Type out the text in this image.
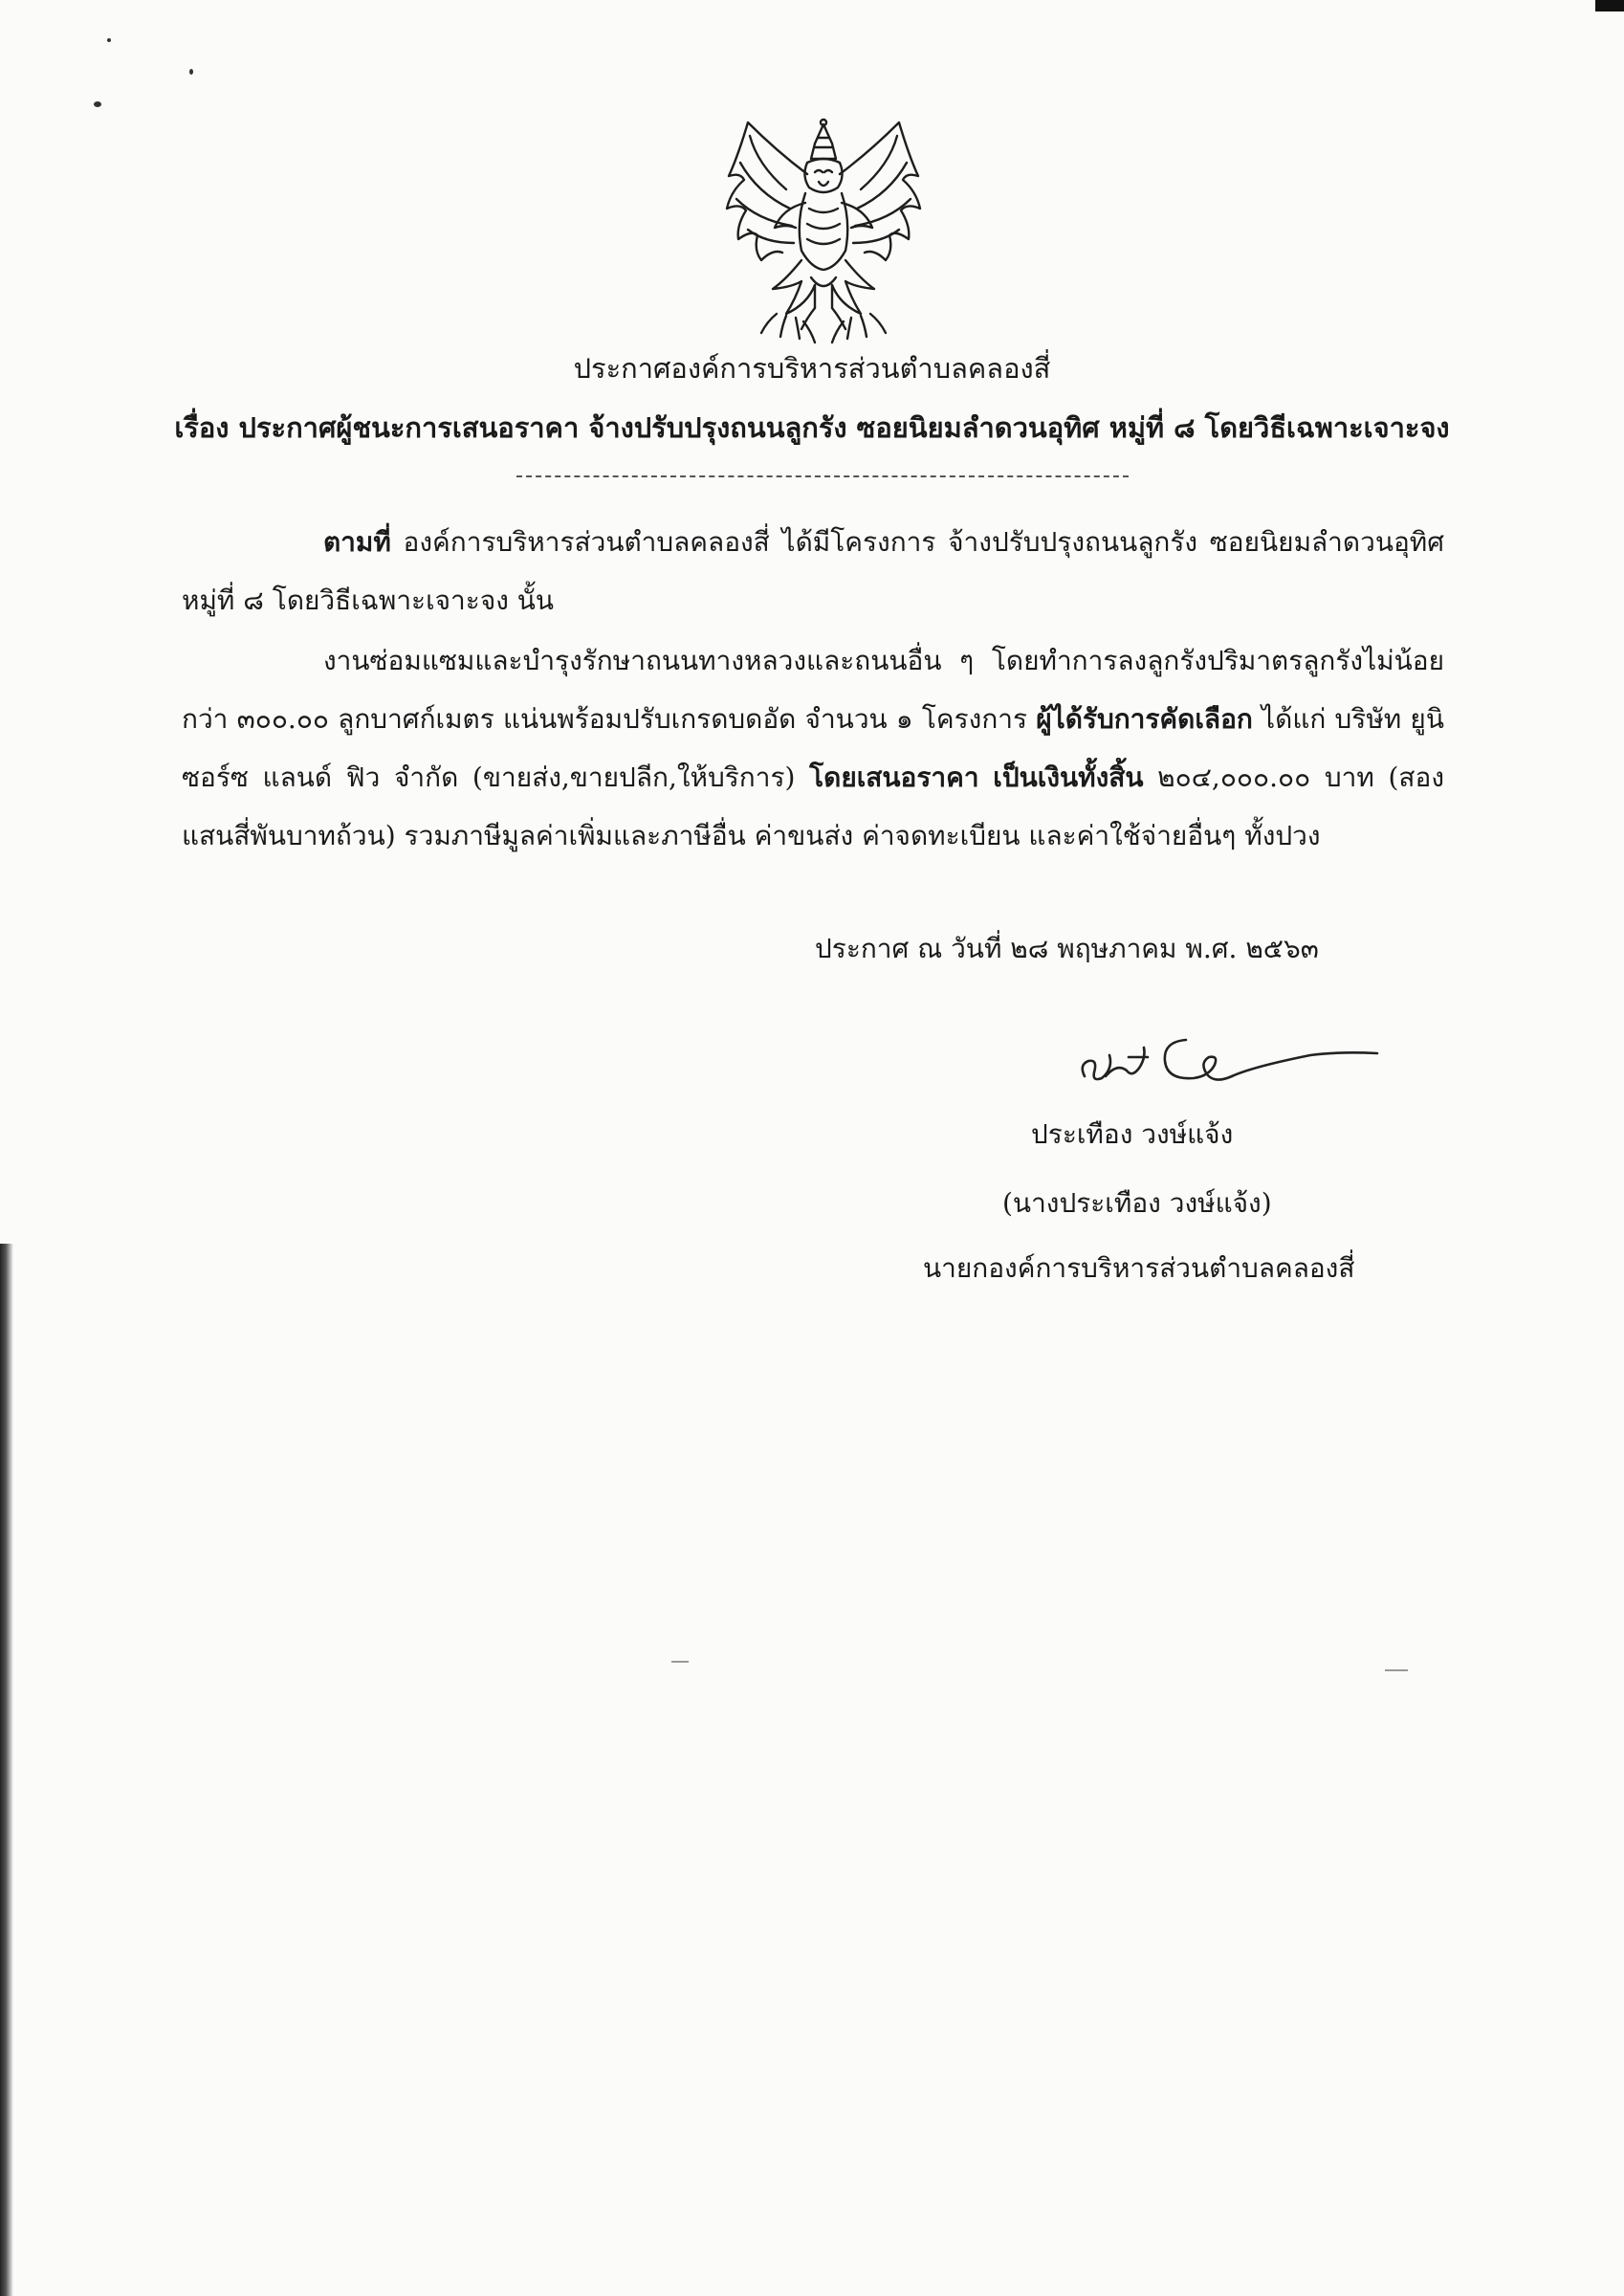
ประกาศองค์การบริหารส่วนตำบลคลองสี่
เรื่อง ประกาศผู้ชนะการเสนอราคา จ้างปรับปรุงถนนลูกรัง ซอยนิยมลำดวนอุทิศ หมู่ที่ ๘ โดยวิธีเฉพาะเจาะจง
ตามที่ องค์การบริหารส่วนตำบลคลองสี่ ได้มีโครงการ จ้างปรับปรุงถนนลูกรัง ซอยนิยมลำดวนอุทิศ หมู่ที่ ๘ โดยวิธีเฉพาะเจาะจง นั้น
งานซ่อมแซมและบำรุงรักษาถนนทางหลวงและถนนอื่น ๆ โดยทำการลงลูกรังปริมาตรลูกรังไม่น้อยกว่า ๓๐๐.๐๐ ลูกบาศก์เมตร แน่นพร้อมปรับเกรดบดอัด จำนวน ๑ โครงการ ผู้ได้รับการคัดเลือก ได้แก่ บริษัท ยูนิซอร์ซ แลนด์ ฟิว จำกัด (ขายส่ง,ขายปลีก,ให้บริการ) โดยเสนอราคา เป็นเงินทั้งสิ้น ๒๐๔,๐๐๐.๐๐ บาท (สองแสนสี่พันบาทถ้วน) รวมภาษีมูลค่าเพิ่มและภาษีอื่น ค่าขนส่ง ค่าจดทะเบียน และค่าใช้จ่ายอื่นๆ ทั้งปวง
ประกาศ ณ วันที่ ๒๘ พฤษภาคม พ.ศ. ๒๕๖๓
ประเทือง วงษ์แจ้ง
(นางประเทือง วงษ์แจ้ง)
นายกองค์การบริหารส่วนตำบลคลองสี่
